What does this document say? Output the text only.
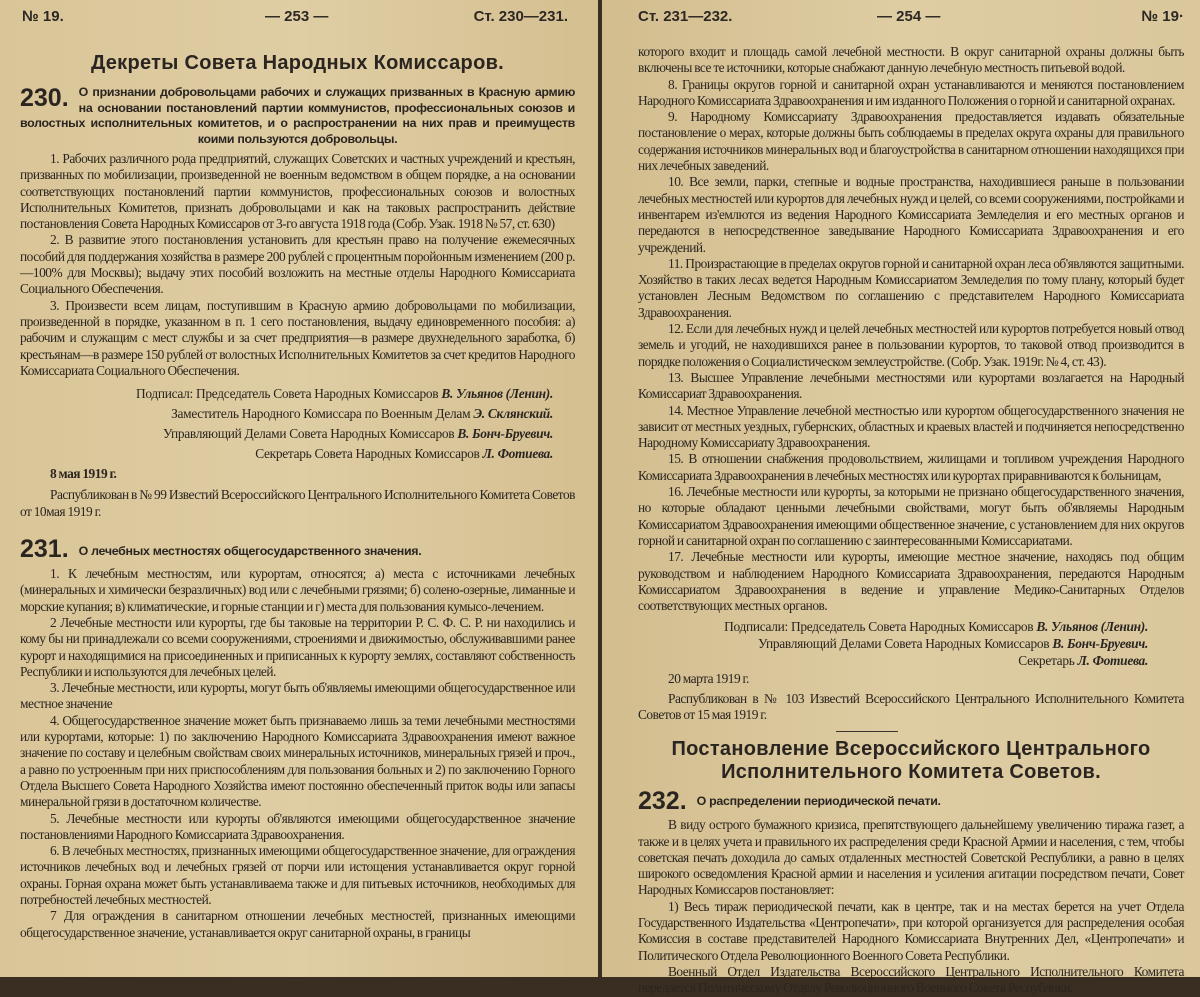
№ 19.	— 253 —	Ст. 230—231.
Декреты Совета Народных Комиссаров.
230. О признании добровольцами рабочих и служащих призванных в Красную армию на основании постановлений партии коммунистов, профессиональных союзов и волостных исполнительных комитетов, и о распространении на них прав и преимуществ коими пользуются добровольцы.

1. Рабочих различного рода предприятий, служащих Советских и частных учреждений и крестьян, призванных по мобилизации, произведенной не военным ведомством в общем порядке, а на основании соответствующих постановлений партии коммунистов, профессиональных союзов и волостных Исполнительных Комитетов, признать добровольцами и как на таковых распространить действие постановления Совета Народных Комиссаров от 3-го августа 1918 года (Собр. Узак. 1918 № 57, ст. 630)

2. В развитие этого постановления установить для крестьян право на получение ежемесячных пособий для поддержания хозяйства в размере 200 рублей с процентным поройонным изменением (200 р.—100% для Москвы); выдачу этих пособий возложить на местные отделы Народного Комиссариата Социального Обеспечения.

3. Произвести всем лицам, поступившим в Красную армию добровольцами по мобилизации, произведенной в порядке, указанном в п. 1 сего постановления, выдачу единовременного пособия: а) рабочим и служащим с мест службы и за счет предприятия—в размере двухнедельного заработка, б) крестьянам—в размере 150 рублей от волостных Исполнительных Комитетов за счет кредитов Народного Комиссариата Социального Обеспечения.

Подписал: Председатель Совета Народных Комиссаров В. Ульянов (Ленин).
Заместитель Народного Комиссара по Военным Делам Э. Склянский.
Управляющий Делами Совета Народных Комиссаров В. Бонч-Бруевич.
Секретарь Совета Народных Комиссаров Л. Фотиева.

8 мая 1919 г.

Распубликован в № 99 Известий Всероссийского Центрального Исполнительного Комитета Советов от 10мая 1919 г.

231. О лечебных местностях общегосударственного значения.

1. К лечебным местностям, или курортам, относятся; а) места с источниками лечебных (минеральных и химически безразличных) вод или с лечебными грязями; б) солено-озерные, лиманные и морские купания; в) климатические, и горные станции и г) места для пользования кумысо-лечением.

2 Лечебные местности или курорты, где бы таковые на территории Р. С. Ф. С. Р. ни находились и кому бы ни принадлежали со всеми сооружениями, строениями и движимостью, обслуживавшими ранее курорт и находящимися на присоединенных и приписанных к курорту землях, составляют собственность Республики и используются для лечебных целей.

3. Лечебные местности, или курорты, могут быть об'являемы имеющими общегосударственное или местное значение

4. Общегосударственное значение может быть признаваемо лишь за теми лечебными местностями или курортами, которые: 1) по заключению Народного Комиссариата Здравоохранения имеют важное значение по составу и целебным свойствам своих минеральных источников, минеральных грязей и проч., а равно по устроенным при них приспособлениям для пользования больных и 2) по заключению Горного Отдела Высшего Совета Народного Хозяйства имеют постоянно обеспеченный приток воды или запасы минеральной грязи в достаточном количестве.

5. Лечебные местности или курорты об'являются имеющими общегосударственное значение постановлениями Народного Комиссариата Здравоохранения.

6. В лечебных местностях, признанных имеющими общегосударственное значение, для ограждения источников лечебных вод и лечебных грязей от порчи или истощения устанавливается округ горной охраны. Горная охрана может быть устанавливаема также и для питьевых источников, необходимых для потребностей лечебных местностей.

7 Для ограждения в санитарном отношении лечебных местностей, признанных имеющими общегосударственное значение, устанавливается округ санитарной охраны, в границы

Ст. 231—232.	— 254 —	№ 19·

которого входит и площадь самой лечебной местности. В округ санитарной охраны должны быть включены все те источники, которые снабжают данную лечебную местность питьевой водой.

8. Границы округов горной и санитарной охран устанавливаются и меняются постановлением Народного Комиссариата Здравоохранения и им изданного Положения о горной и санитарной охранах.

9. Народному Комиссариату Здравоохранения предоставляется издавать обязательные постановление о мерах, которые должны быть соблюдаемы в пределах округа охраны для правильного содержания источников минеральных вод и благоустройства в санитарном отношении находящихся при них лечебных заведений.

10. Все земли, парки, степные и водные пространства, находившиеся раньше в пользовании лечебных местностей или курортов для лечебных нужд и целей, со всеми сооружениями, постройками и инвентарем из'емлются из ведения Народного Комиссариата Земледелия и его местных органов и передаются в непосредственное заведывание Народного Комиссариата Здравоохранения и его учреждений.

11. Произрастающие в пределах округов горной и санитарной охран леса об'являются защитными. Хозяйство в таких лесах ведется Народным Комиссариатом Земледелия по тому плану, который будет установлен Лесным Ведомством по соглашению с представителем Народного Комиссариата Здравоохранения.

12. Если для лечебных нужд и целей лечебных местностей или курортов потребуется новый отвод земель и угодий, не находившихся ранее в пользовании курортов, то таковой отвод производится в порядке положения о Социалистическом землеустройстве. (Собр. Узак. 1919г. № 4, ст. 43).

13. Высшее Управление лечебными местностями или курортами возлагается на Народный Комиссариат Здравоохранения.

14. Местное Управление лечебной местностью или курортом общегосударственного значения не зависит от местных уездных, губернских, областных и краевых властей и подчиняется непосредственно Народному Комиссариату Здравоохранения.

15. В отношении снабжения продовольствием, жилищами и топливом учреждения Народного Комиссариата Здравоохранения в лечебных местностях или курортах приравниваются к больницам,

16. Лечебные местности или курорты, за которыми не признано общегосударственного значения, но которые обладают ценными лечебными свойствами, могут быть об'являемы Народным Комиссариатом Здравоохранения имеющими общественное значение, с установлением для них округов горной и санитарной охран по соглашению с заинтересованными Комиссариатами.

17. Лечебные местности или курорты, имеющие местное значение, находясь под общим руководством и наблюдением Народного Комиссариата Здравоохранения, передаются Народным Комиссариатом Здравоохранения в ведение и управление Медико-Санитарных Отделов соответствующих местных органов.

Подписали: Председатель Совета Народных Комиссаров В. Ульянов (Ленин).
Управляющий Делами Совета Народных Комиссаров В. Бонч-Бруевич.
Секретарь Л. Фотиева.

20 марта 1919 г.

Распубликован в № 103 Известий Всероссийского Центрального Исполнительного Комитета Советов от 15 мая 1919 г.

Постановление Всероссийского Центрального Исполнительного Комитета Советов.
232. О распределении периодической печати.

В виду острого бумажного кризиса, препятствующего дальнейшему увеличению тиража газет, а также и в целях учета и правильного их распределения среди Красной Армии и населения, с тем, чтобы советская печать доходила до самых отдаленных местностей Советской Республики, а равно в целях широкого осведомления Красной армии и населения и усиления агитации посредством печати, Совет Народных Комиссаров постановляет:

1) Весь тираж периодической печати, как в центре, так и на местах берется на учет Отдела Государственного Издательства «Центропечати», при которой организуется для распределения особая Комиссия в составе представителей Народного Комиссариата Внутренних Дел, «Центропечати» и Политического Отдела Революционного Военного Совета Республики.

Военный Отдел Издательства Всероссийского Центрального Исполнительного Комитета передается Политическому Отделу Революционного Военного Совета Республики.
